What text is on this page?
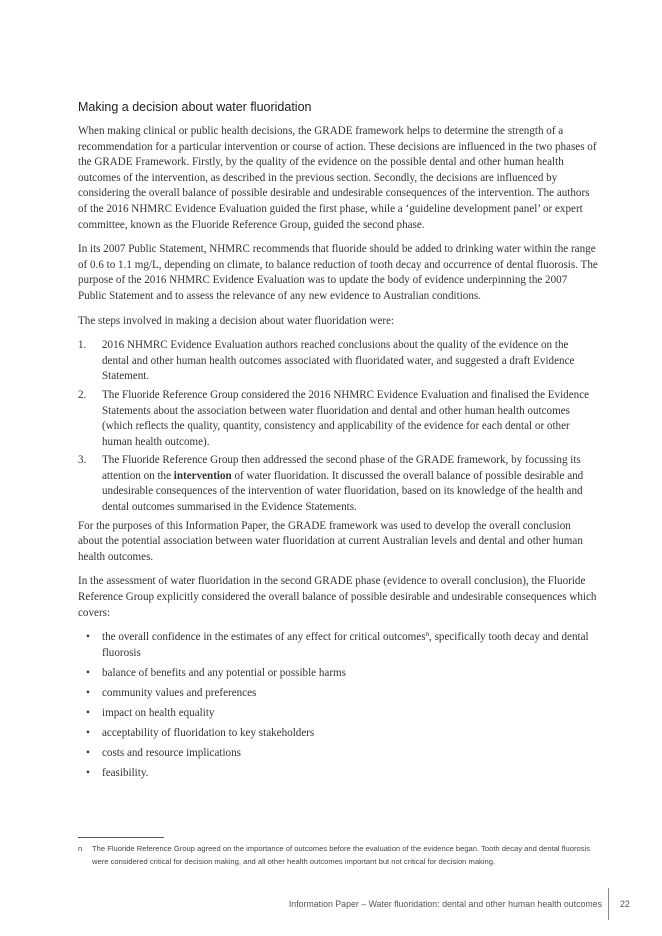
Making a decision about water fluoridation

When making clinical or public health decisions, the GRADE framework helps to determine the strength of a recommendation for a particular intervention or course of action. These decisions are influenced in the two phases of the GRADE Framework. Firstly, by the quality of the evidence on the possible dental and other human health outcomes of the intervention, as described in the previous section. Secondly, the decisions are influenced by considering the overall balance of possible desirable and undesirable consequences of the intervention. The authors of the 2016 NHMRC Evidence Evaluation guided the first phase, while a ‘guideline development panel’ or expert committee, known as the Fluoride Reference Group, guided the second phase.

In its 2007 Public Statement, NHMRC recommends that fluoride should be added to drinking water within the range of 0.6 to 1.1 mg/L, depending on climate, to balance reduction of tooth decay and occurrence of dental fluorosis. The purpose of the 2016 NHMRC Evidence Evaluation was to update the body of evidence underpinning the 2007 Public Statement and to assess the relevance of any new evidence to Australian conditions.

The steps involved in making a decision about water fluoridation were:

1. 2016 NHMRC Evidence Evaluation authors reached conclusions about the quality of the evidence on the dental and other human health outcomes associated with fluoridated water, and suggested a draft Evidence Statement.
2. The Fluoride Reference Group considered the 2016 NHMRC Evidence Evaluation and finalised the Evidence Statements about the association between water fluoridation and dental and other human health outcomes (which reflects the quality, quantity, consistency and applicability of the evidence for each dental or other human health outcome).
3. The Fluoride Reference Group then addressed the second phase of the GRADE framework, by focussing its attention on the intervention of water fluoridation. It discussed the overall balance of possible desirable and undesirable consequences of the intervention of water fluoridation, based on its knowledge of the health and dental outcomes summarised in the Evidence Statements.

For the purposes of this Information Paper, the GRADE framework was used to develop the overall conclusion about the potential association between water fluoridation at current Australian levels and dental and other human health outcomes.

In the assessment of water fluoridation in the second GRADE phase (evidence to overall conclusion), the Fluoride Reference Group explicitly considered the overall balance of possible desirable and undesirable consequences which covers:

• the overall confidence in the estimates of any effect for critical outcomes$^n$, specifically tooth decay and dental fluorosis
• balance of benefits and any potential or possible harms
• community values and preferences
• impact on health equality
• acceptability of fluoridation to key stakeholders
• costs and resource implications
• feasibility.
n	The Fluoride Reference Group agreed on the importance of outcomes before the evaluation of the evidence began. Tooth decay and dental fluorosis were considered critical for decision making, and all other health outcomes important but not critical for decision making.
Information Paper – Water fluoridation: dental and other human health outcomes 22
